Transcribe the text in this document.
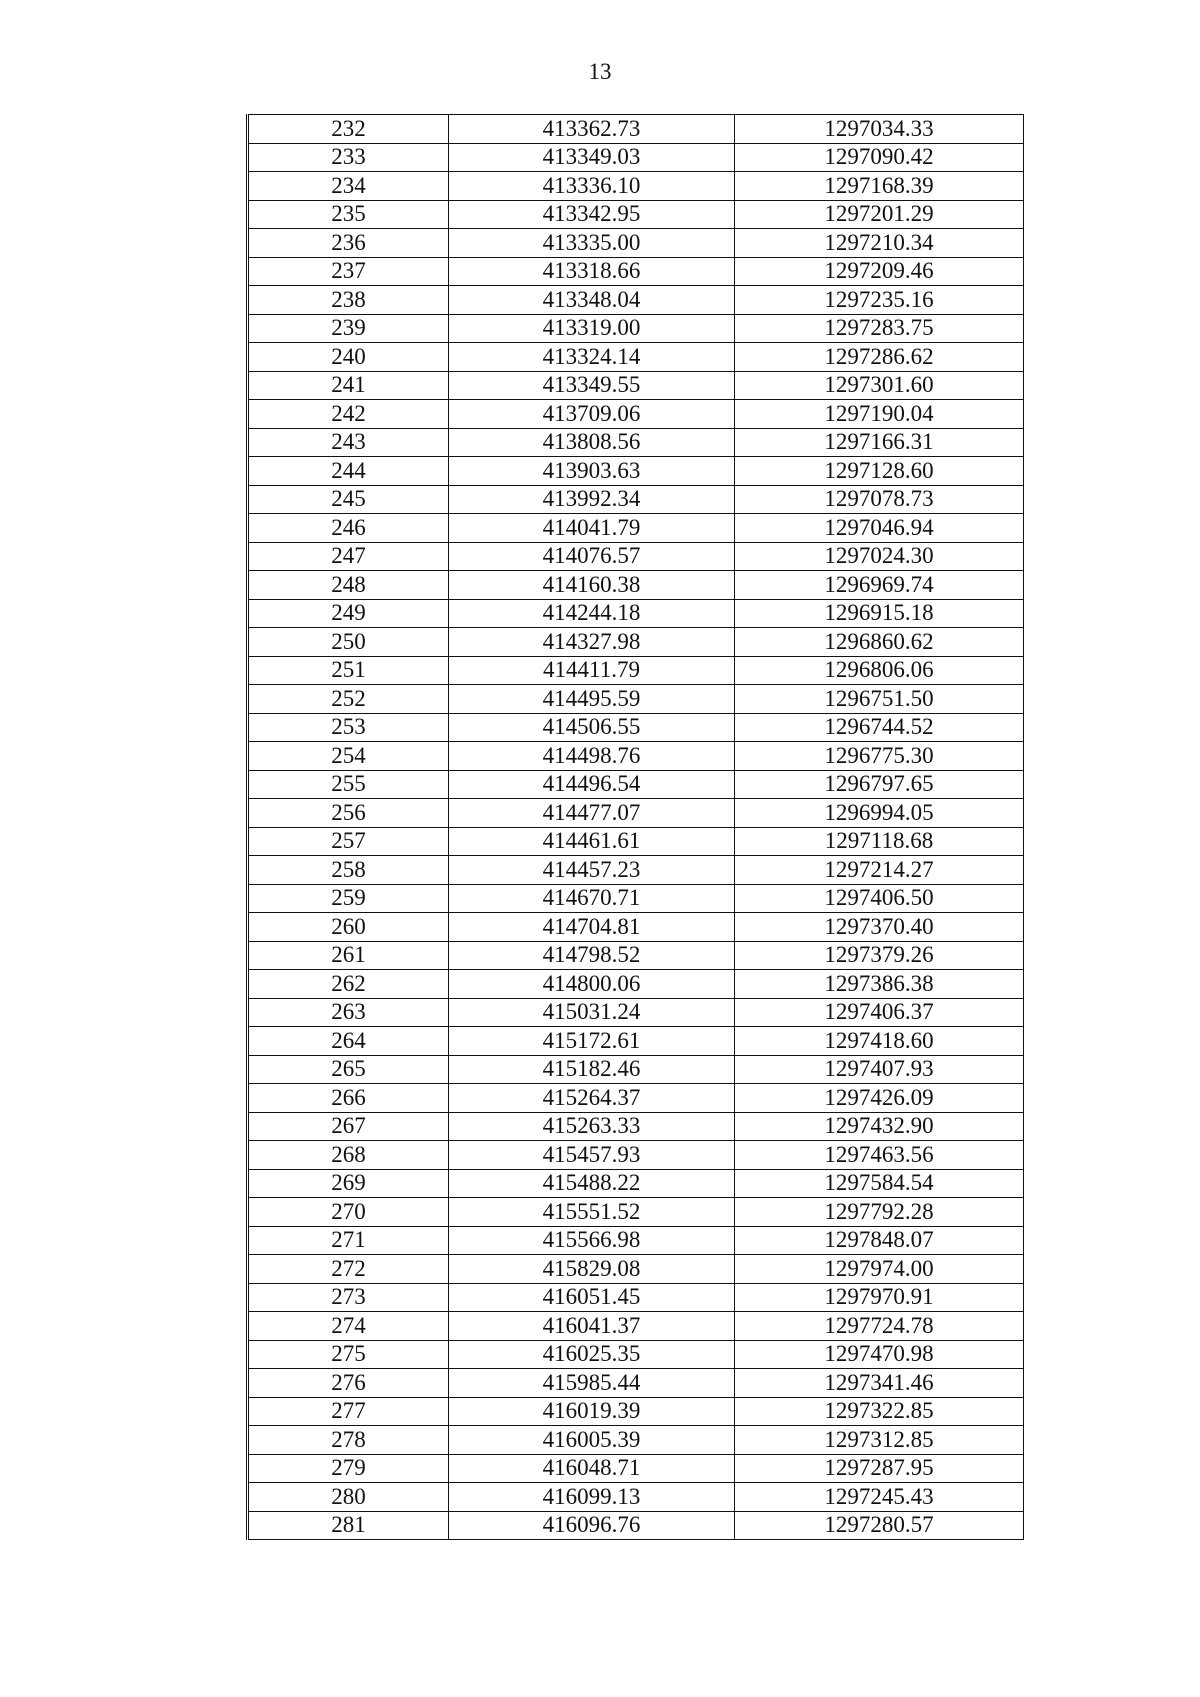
13
232	413362.73	1297034.33
233	413349.03	1297090.42
234	413336.10	1297168.39
235	413342.95	1297201.29
236	413335.00	1297210.34
237	413318.66	1297209.46
238	413348.04	1297235.16
239	413319.00	1297283.75
240	413324.14	1297286.62
241	413349.55	1297301.60
242	413709.06	1297190.04
243	413808.56	1297166.31
244	413903.63	1297128.60
245	413992.34	1297078.73
246	414041.79	1297046.94
247	414076.57	1297024.30
248	414160.38	1296969.74
249	414244.18	1296915.18
250	414327.98	1296860.62
251	414411.79	1296806.06
252	414495.59	1296751.50
253	414506.55	1296744.52
254	414498.76	1296775.30
255	414496.54	1296797.65
256	414477.07	1296994.05
257	414461.61	1297118.68
258	414457.23	1297214.27
259	414670.71	1297406.50
260	414704.81	1297370.40
261	414798.52	1297379.26
262	414800.06	1297386.38
263	415031.24	1297406.37
264	415172.61	1297418.60
265	415182.46	1297407.93
266	415264.37	1297426.09
267	415263.33	1297432.90
268	415457.93	1297463.56
269	415488.22	1297584.54
270	415551.52	1297792.28
271	415566.98	1297848.07
272	415829.08	1297974.00
273	416051.45	1297970.91
274	416041.37	1297724.78
275	416025.35	1297470.98
276	415985.44	1297341.46
277	416019.39	1297322.85
278	416005.39	1297312.85
279	416048.71	1297287.95
280	416099.13	1297245.43
281	416096.76	1297280.57
